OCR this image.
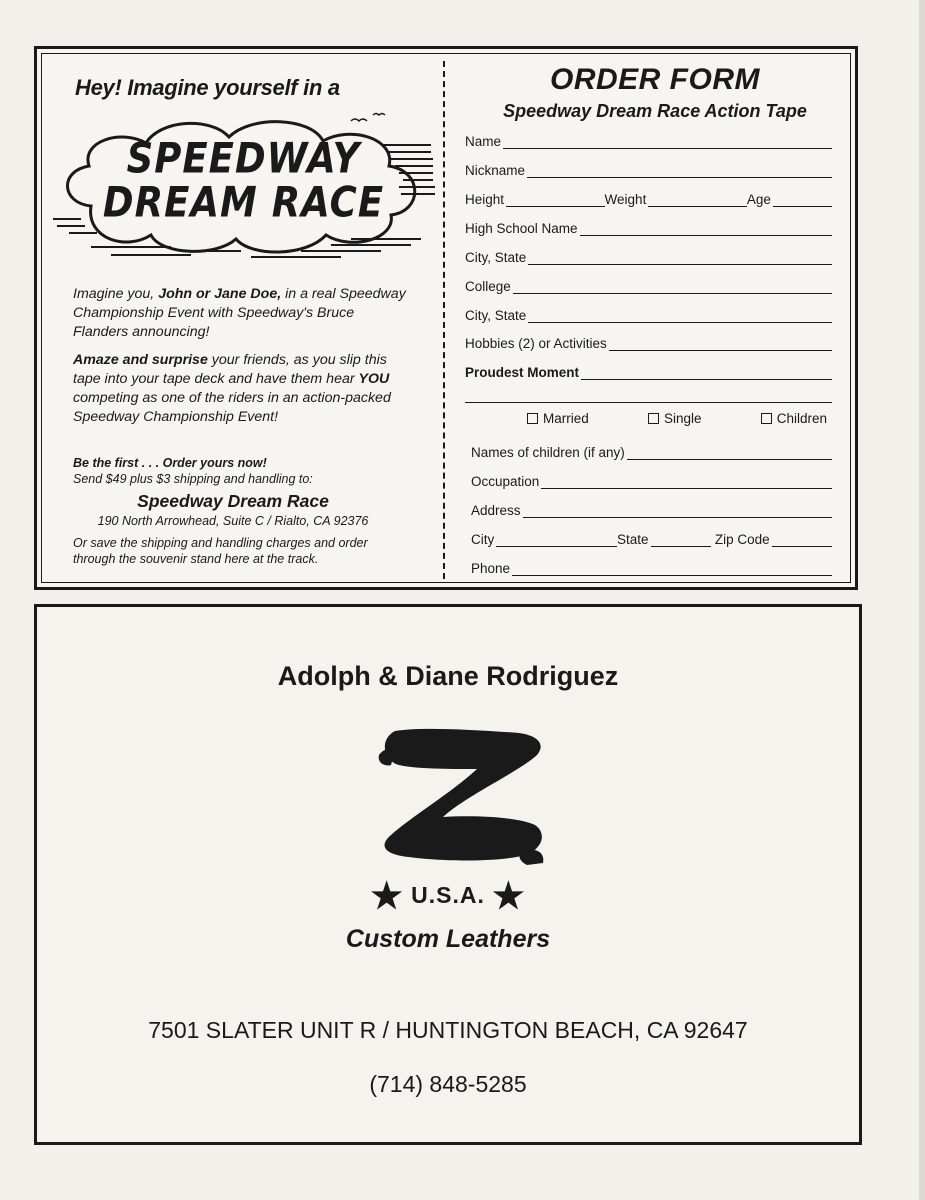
Hey! Imagine yourself in a
SPEEDWAY
DREAM RACE
Imagine you, John or Jane Doe, in a real Speedway Championship Event with Speedway's Bruce Flanders announcing!
Amaze and surprise your friends, as you slip this tape into your tape deck and have them hear YOU competing as one of the riders in an action-packed Speedway Championship Event!
Be the first . . . Order yours now!
Send $49 plus $3 shipping and handling to:
Speedway Dream Race
190 North Arrowhead, Suite C / Rialto, CA 92376
Or save the shipping and handling charges and order through the souvenir stand here at the track.
ORDER FORM
Speedway Dream Race Action Tape
Name
Nickname
Height	Weight	Age
High School Name
City, State
College
City, State
Hobbies (2) or Activities
Proudest Moment
Married	Single	Children
Names of children (if any)
Occupation
Address
City	State	Zip Code
Phone
Adolph & Diane Rodriguez
★ U.S.A. ★
Custom Leathers
7501 SLATER UNIT R / HUNTINGTON BEACH, CA 92647
(714) 848-5285
